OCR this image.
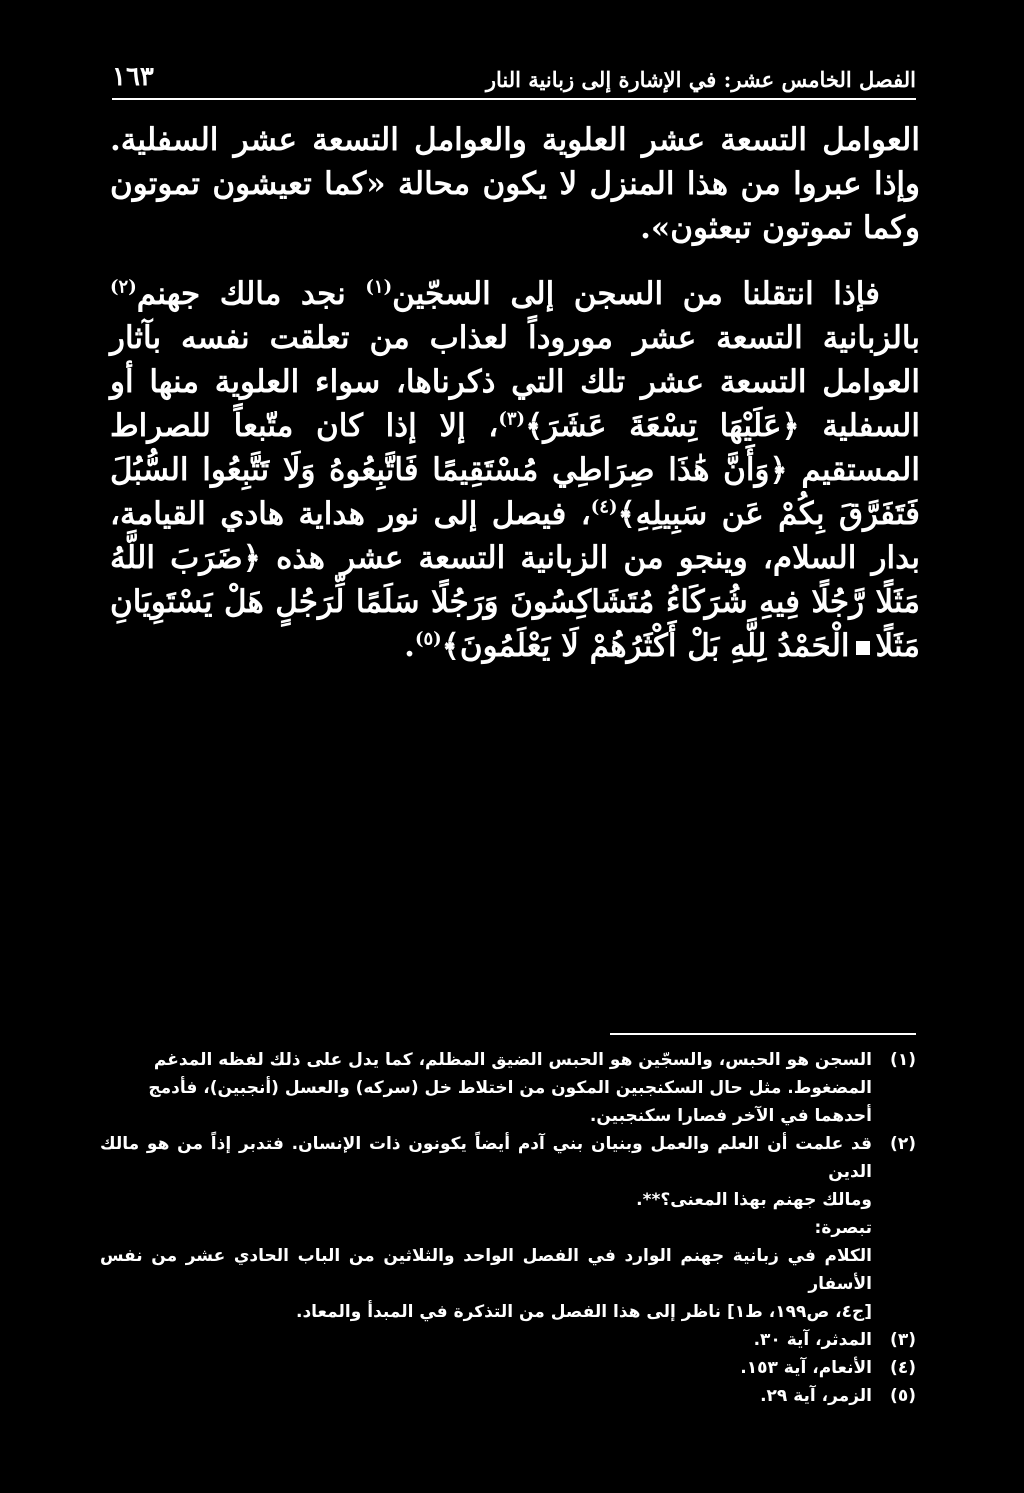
الفصل الخامس عشر: في الإشارة إلى زبانية النار
١٦٣

العوامل التسعة عشر العلوية والعوامل التسعة عشر السفلية. وإذا عبروا من هذا المنزل لا يكون محالة «كما تعيشون تموتون وكما تموتون تبعثون».

فإذا انتقلنا من السجن إلى السجّين$^{(١)}$ نجد مالك جهنم$^{(٢)}$ بالزبانية التسعة عشر موروداً لعذاب من تعلقت نفسه بآثار العوامل التسعة عشر تلك التي ذكرناها، سواء العلوية منها أو السفلية ﴿عَلَيْهَا تِسْعَةَ عَشَرَ﴾$^{(٣)}$، إلا إذا كان متّبعاً للصراط المستقيم ﴿وَأَنَّ هَٰذَا صِرَاطِي مُسْتَقِيمًا فَاتَّبِعُوهُ وَلَا تَتَّبِعُوا السُّبُلَ فَتَفَرَّقَ بِكُمْ عَن سَبِيلِهِ﴾$^{(٤)}$، فيصل إلى نور هداية هادي القيامة، بدار السلام، وينجو من الزبانية التسعة عشر هذه ﴿ضَرَبَ اللَّهُ مَثَلًا رَّجُلًا فِيهِ شُرَكَاءُ مُتَشَاكِسُونَ وَرَجُلًا سَلَمًا لِّرَجُلٍ هَلْ يَسْتَوِيَانِ مَثَلًاالْحَمْدُ لِلَّهِ بَلْ أَكْثَرُهُمْ لَا يَعْلَمُونَ﴾$^{(٥)}$.

(١)
السجن هو الحبس، والسجّين هو الحبس الضيق المظلم، كما يدل على ذلك لفظه المدغم
المضغوط. مثل حال السكنجبين المكون من اختلاط خل (سركه) والعسل (أنجبين)، فأدمج
أحدهما في الآخر فصارا سكنجبين.
(٢)
قد علمت أن العلم والعمل وبنيان بني آدم أيضاً يكونون ذات الإنسان. فتدبر إذاً من هو مالك الدين
ومالك جهنم بهذا المعنى؟**.
تبصرة:
الكلام في زبانية جهنم الوارد في الفصل الواحد والثلاثين من الباب الحادي عشر من نفس الأسفار
[ج٤، ص١٩٩، ط١] ناظر إلى هذا الفصل من التذكرة في المبدأ والمعاد.
(٣)
المدثر، آية ٣٠.
(٤)
الأنعام، آية ١٥٣.
(٥)
الزمر، آية ٢٩.
